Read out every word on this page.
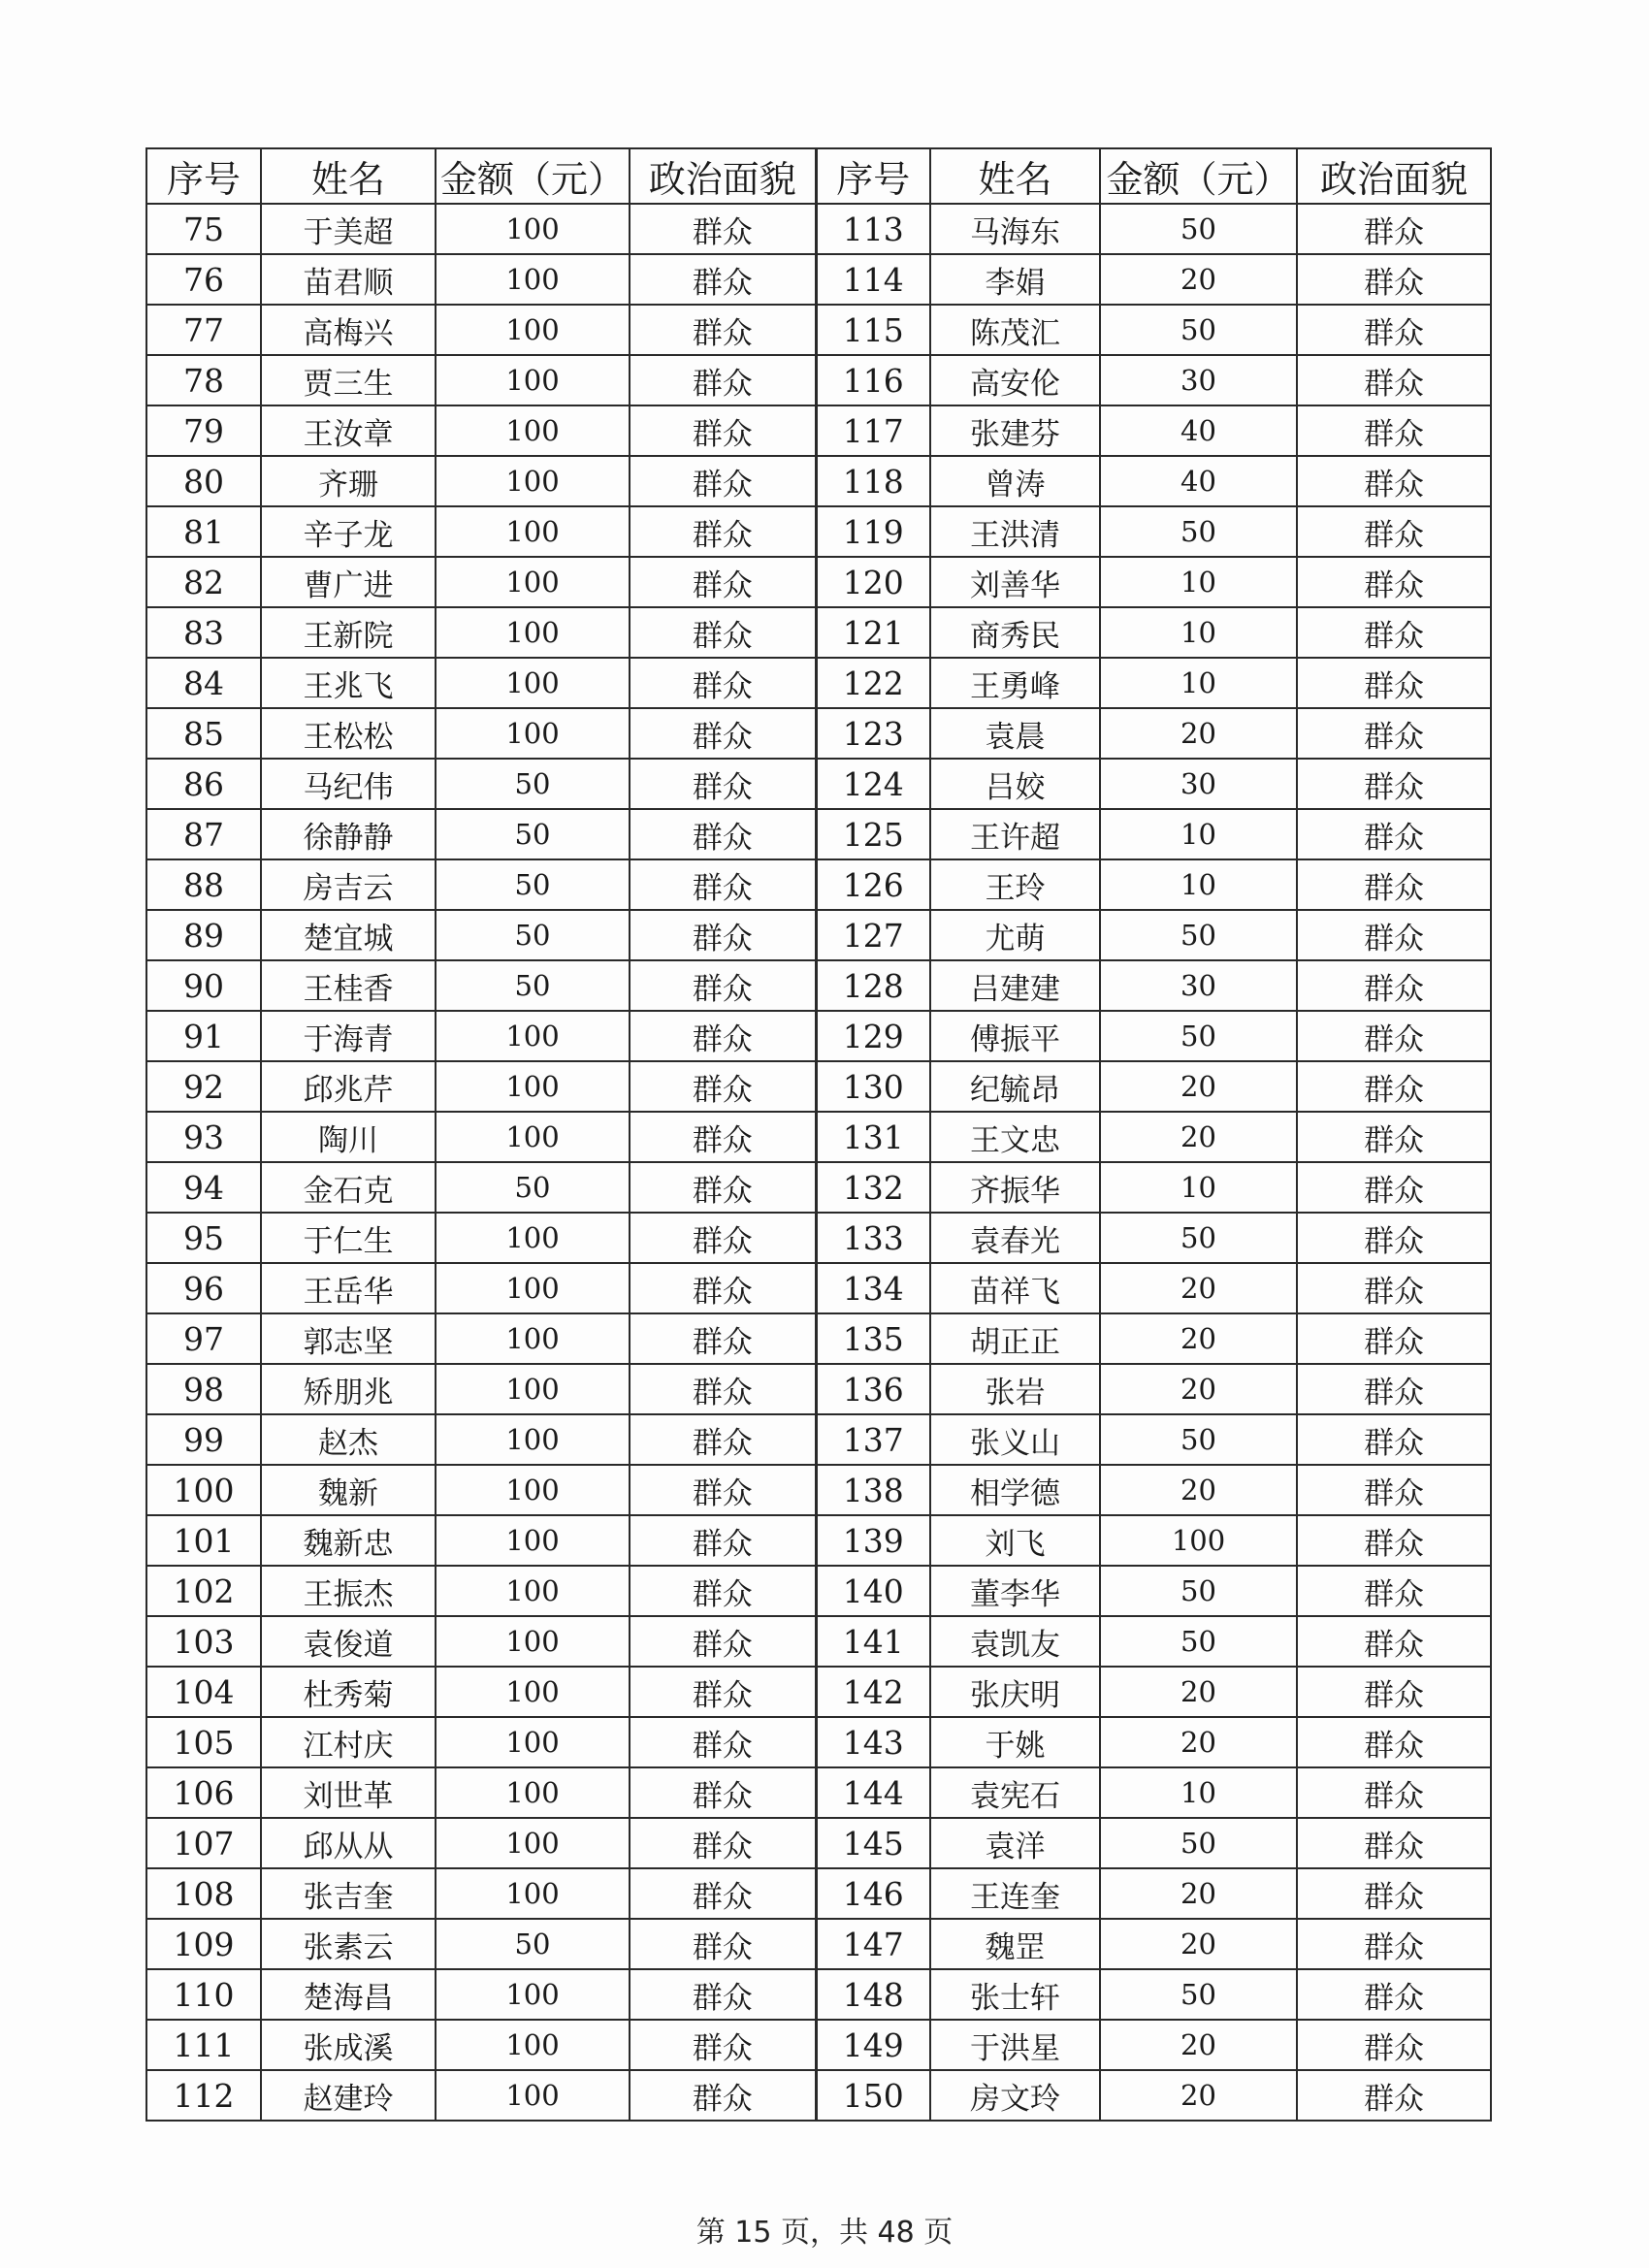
序号	姓名	金额（元）	政治面貌	序号	姓名	金额（元）	政治面貌
75	于美超	100	群众	113	马海东	50	群众
76	苗君顺	100	群众	114	李娟	20	群众
77	高梅兴	100	群众	115	陈茂汇	50	群众
78	贾三生	100	群众	116	高安伦	30	群众
79	王汝章	100	群众	117	张建芬	40	群众
80	齐珊	100	群众	118	曾涛	40	群众
81	辛子龙	100	群众	119	王洪清	50	群众
82	曹广进	100	群众	120	刘善华	10	群众
83	王新院	100	群众	121	商秀民	10	群众
84	王兆飞	100	群众	122	王勇峰	10	群众
85	王松松	100	群众	123	袁晨	20	群众
86	马纪伟	50	群众	124	吕姣	30	群众
87	徐静静	50	群众	125	王许超	10	群众
88	房吉云	50	群众	126	王玲	10	群众
89	楚宜城	50	群众	127	尤萌	50	群众
90	王桂香	50	群众	128	吕建建	30	群众
91	于海青	100	群众	129	傅振平	50	群众
92	邱兆芹	100	群众	130	纪毓昂	20	群众
93	陶川	100	群众	131	王文忠	20	群众
94	金石克	50	群众	132	齐振华	10	群众
95	于仁生	100	群众	133	袁春光	50	群众
96	王岳华	100	群众	134	苗祥飞	20	群众
97	郭志坚	100	群众	135	胡正正	20	群众
98	矫朋兆	100	群众	136	张岩	20	群众
99	赵杰	100	群众	137	张义山	50	群众
100	魏新	100	群众	138	相学德	20	群众
101	魏新忠	100	群众	139	刘飞	100	群众
102	王振杰	100	群众	140	董李华	50	群众
103	袁俊道	100	群众	141	袁凯友	50	群众
104	杜秀菊	100	群众	142	张庆明	20	群众
105	江村庆	100	群众	143	于姚	20	群众
106	刘世革	100	群众	144	袁宪石	10	群众
107	邱从从	100	群众	145	袁洋	50	群众
108	张吉奎	100	群众	146	王连奎	20	群众
109	张素云	50	群众	147	魏罡	20	群众
110	楚海昌	100	群众	148	张士轩	50	群众
111	张成溪	100	群众	149	于洪星	20	群众
112	赵建玲	100	群众	150	房文玲	20	群众
第 15 页，共 48 页
